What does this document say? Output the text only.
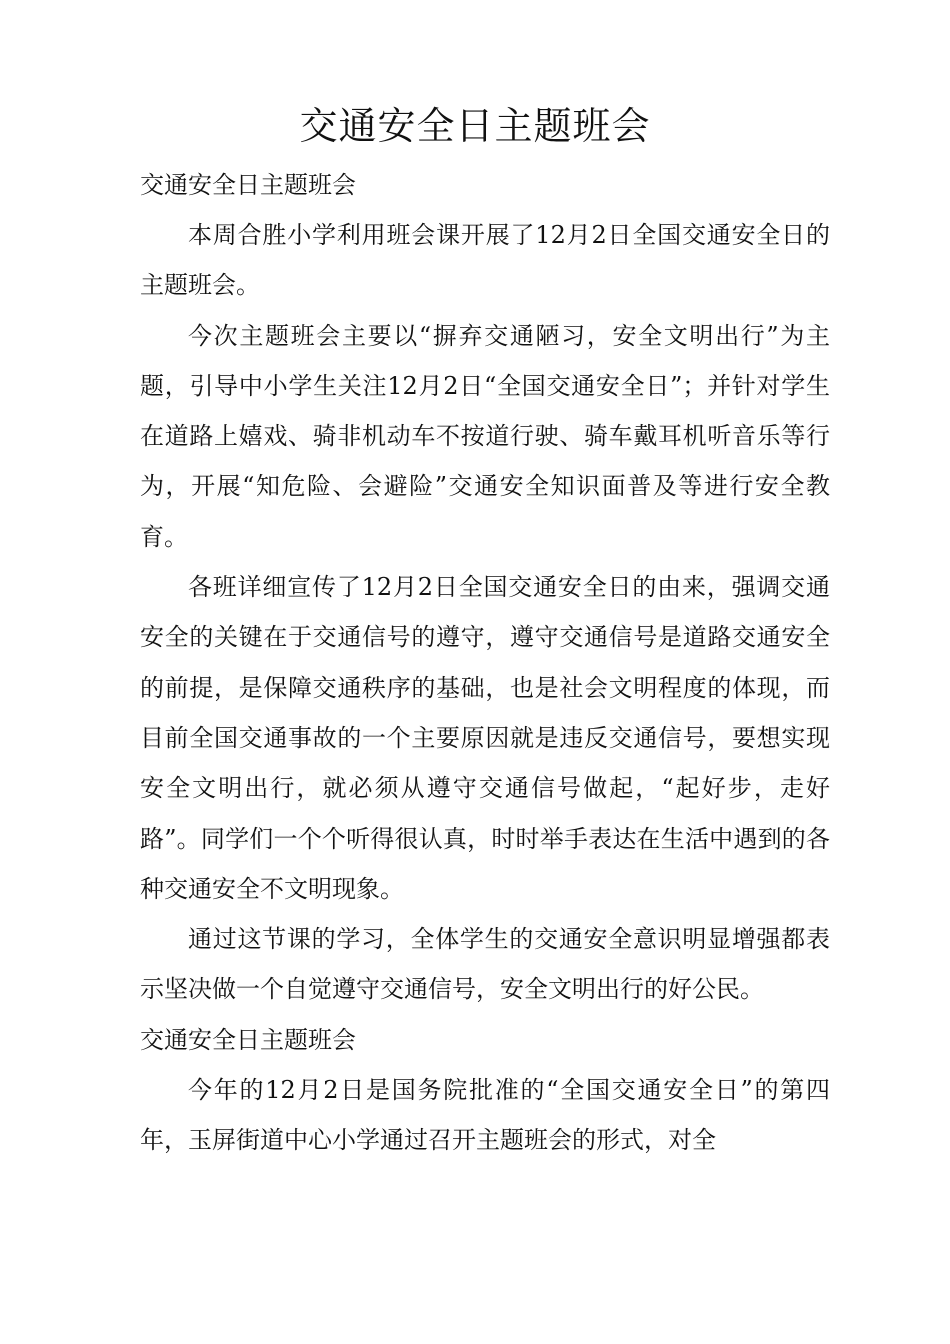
交通安全日主题班会

交通安全日主题班会

本周合胜小学利用班会课开展了12月2日全国交通安全日的主题班会。

今次主题班会主要以“摒弃交通陋习，安全文明出行”为主题，引导中小学生关注12月2日“全国交通安全日”；并针对学生在道路上嬉戏、骑非机动车不按道行驶、骑车戴耳机听音乐等行为，开展“知危险、会避险”交通安全知识面普及等进行安全教育。

各班详细宣传了12月2日全国交通安全日的由来，强调交通安全的关键在于交通信号的遵守，遵守交通信号是道路交通安全的前提，是保障交通秩序的基础，也是社会文明程度的体现，而目前全国交通事故的一个主要原因就是违反交通信号，要想实现安全文明出行，就必须从遵守交通信号做起，“起好步，走好路”。同学们一个个听得很认真，时时举手表达在生活中遇到的各种交通安全不文明现象。

通过这节课的学习，全体学生的交通安全意识明显增强都表示坚决做一个自觉遵守交通信号，安全文明出行的好公民。

交通安全日主题班会

今年的12月2日是国务院批准的“全国交通安全日”的第四年，玉屏街道中心小学通过召开主题班会的形式，对全
